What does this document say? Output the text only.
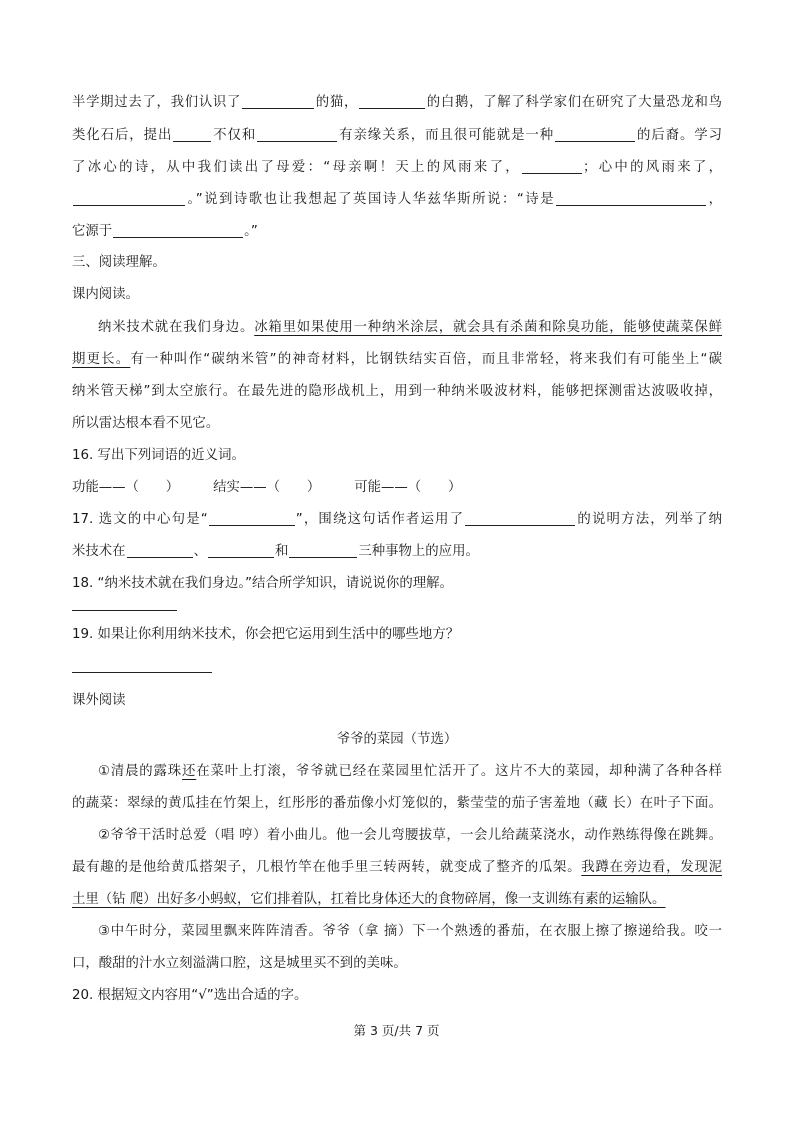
半学期过去了，我们认识了	的猫，	的白鹅，了解了科学家们在研究了大量恐龙和鸟
类化石后，提出	不仅和	有亲缘关系，而且很可能就是一种	的后裔。学习
了冰心的诗，从中我们读出了母爱：“母亲啊！天上的风雨来了，	；心中的风雨来了，
。”说到诗歌也让我想起了英国诗人华兹华斯所说：“诗是	，
它源于	。”
三、阅读理解。
课内阅读。
纳米技术就在我们身边。冰箱里如果使用一种纳米涂层，就会具有杀菌和除臭功能，能够使蔬菜保鲜
期更长。有一种叫作“碳纳米管”的神奇材料，比钢铁结实百倍，而且非常轻，将来我们有可能坐上“碳
纳米管天梯”到太空旅行。在最先进的隐形战机上，用到一种纳米吸波材料，能够把探测雷达波吸收掉，
所以雷达根本看不见它。
16. 写出下列词语的近义词。
功能——（　　）	结实——（　　）	可能——（　　）
17. 选文的中心句是“	”，围绕这句话作者运用了	的说明方法，列举了纳
米技术在	、	和	三种事物上的应用。
18. “纳米技术就在我们身边。”结合所学知识，请说说你的理解。
19. 如果让你利用纳米技术，你会把它运用到生活中的哪些地方？
课外阅读
爷爷的菜园（节选）
①清晨的露珠还在菜叶上打滚，爷爷就已经在菜园里忙活开了。这片不大的菜园，却种满了各种各样
的蔬菜：翠绿的黄瓜挂在竹架上，红彤彤的番茄像小灯笼似的，紫莹莹的茄子害羞地（藏 长）在叶子下面。
②爷爷干活时总爱（唱 哼）着小曲儿。他一会儿弯腰拔草，一会儿给蔬菜浇水，动作熟练得像在跳舞。
最有趣的是他给黄瓜搭架子，几根竹竿在他手里三转两转，就变成了整齐的瓜架。我蹲在旁边看，发现泥
土里（钻 爬）出好多小蚂蚁，它们排着队，扛着比身体还大的食物碎屑，像一支训练有素的运输队。
③中午时分，菜园里飘来阵阵清香。爷爷（拿 摘）下一个熟透的番茄，在衣服上擦了擦递给我。咬一
口，酸甜的汁水立刻溢满口腔，这是城里买不到的美味。
20. 根据短文内容用“√”选出合适的字。
第 3 页/共 7 页
